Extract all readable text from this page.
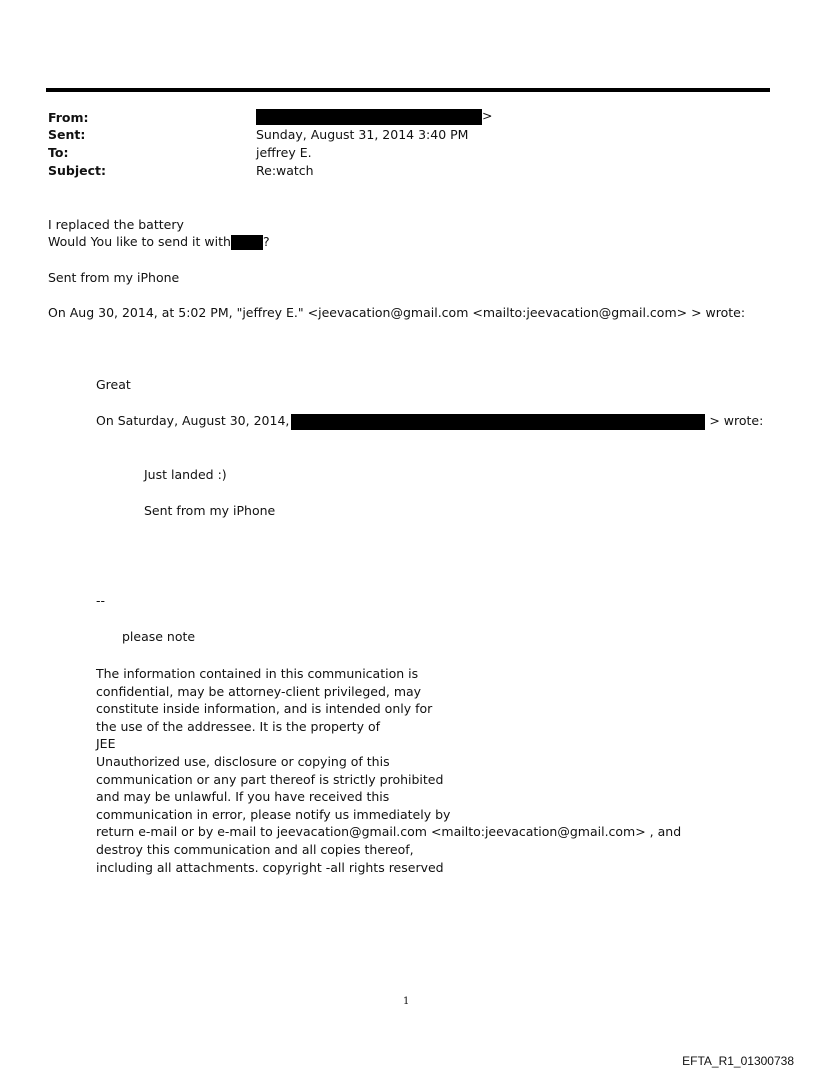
From:	>
Sent:	Sunday, August 31, 2014 3:40 PM
To:	jeffrey E.
Subject:	Re:watch
I replaced the battery
Would You like to send it with	?
Sent from my iPhone
On Aug 30, 2014, at 5:02 PM, "jeffrey E." <jeevacation@gmail.com <mailto:jeevacation@gmail.com> > wrote:
Great
On Saturday, August 30, 2014,	> wrote:
Just landed :)
Sent from my iPhone
--
please note
The information contained in this communication is
confidential, may be attorney-client privileged, may
constitute inside information, and is intended only for
the use of the addressee. It is the property of
JEE
Unauthorized use, disclosure or copying of this
communication or any part thereof is strictly prohibited
and may be unlawful. If you have received this
communication in error, please notify us immediately by
return e-mail or by e-mail to jeevacation@gmail.com <mailto:jeevacation@gmail.com> , and
destroy this communication and all copies thereof,
including all attachments. copyright -all rights reserved
1
EFTA_R1_01300738
